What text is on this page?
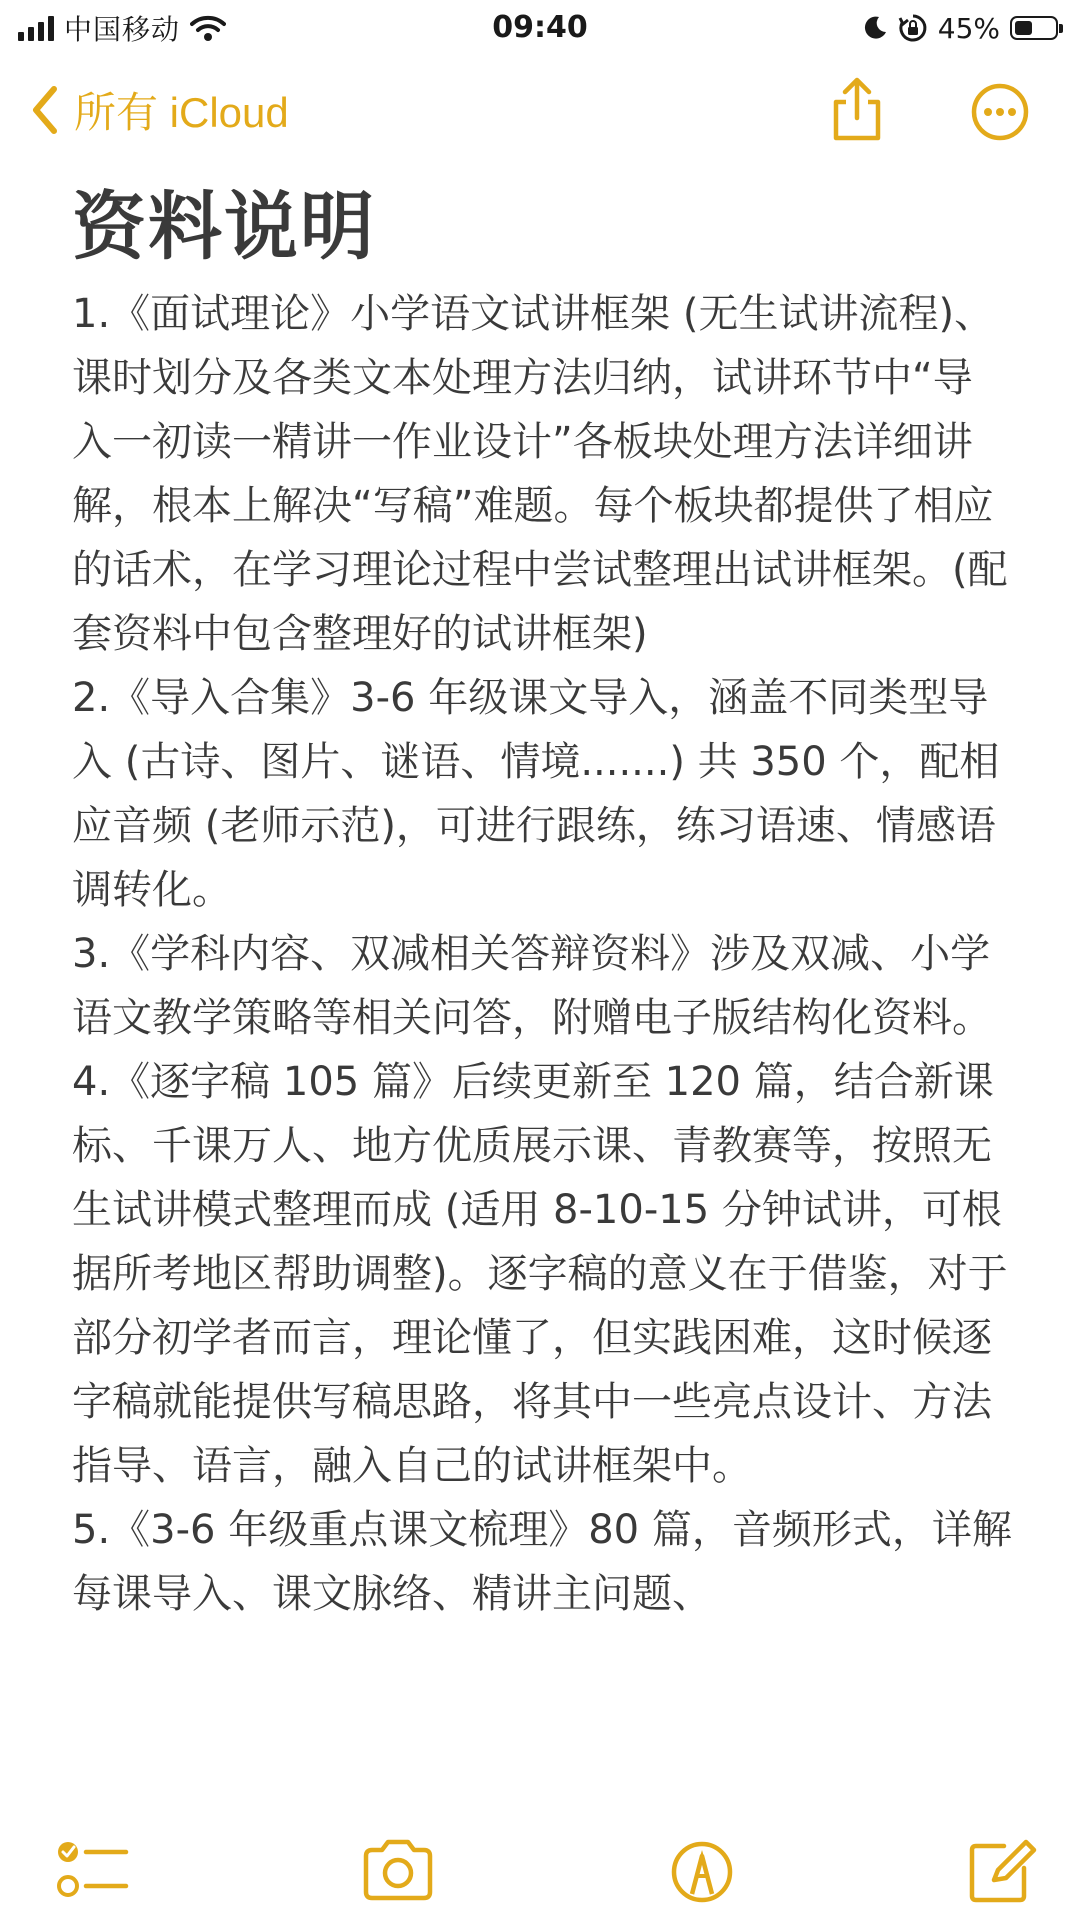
中国移动	09:40	45%
所有 iCloud
资料说明

1.《面试理论》小学语文试讲框架 (无生试讲流程)、课时划分及各类文本处理方法归纳，试讲环节中“导入一初读一精讲一作业设计”各板块处理方法详细讲解，根本上解决“写稿”难题。每个板块都提供了相应的话术，在学习理论过程中尝试整理出试讲框架。(配套资料中包含整理好的试讲框架)

2.《导入合集》3-6 年级课文导入，涵盖不同类型导入 (古诗、图片、谜语、情境.......) 共 350 个，配相应音频 (老师示范)，可进行跟练，练习语速、情感语调转化。

3.《学科内容、双减相关答辩资料》涉及双减、小学语文教学策略等相关问答，附赠电子版结构化资料。

4.《逐字稿 105 篇》后续更新至 120 篇，结合新课标、千课万人、地方优质展示课、青教赛等，按照无生试讲模式整理而成 (适用 8-10-15 分钟试讲，可根据所考地区帮助调整)。逐字稿的意义在于借鉴，对于部分初学者而言，理论懂了，但实践困难，这时候逐字稿就能提供写稿思路，将其中一些亮点设计、方法指导、语言，融入自己的试讲框架中。

5.《3-6 年级重点课文梳理》80 篇，音频形式，详解每课导入、课文脉络、精讲主问题、
